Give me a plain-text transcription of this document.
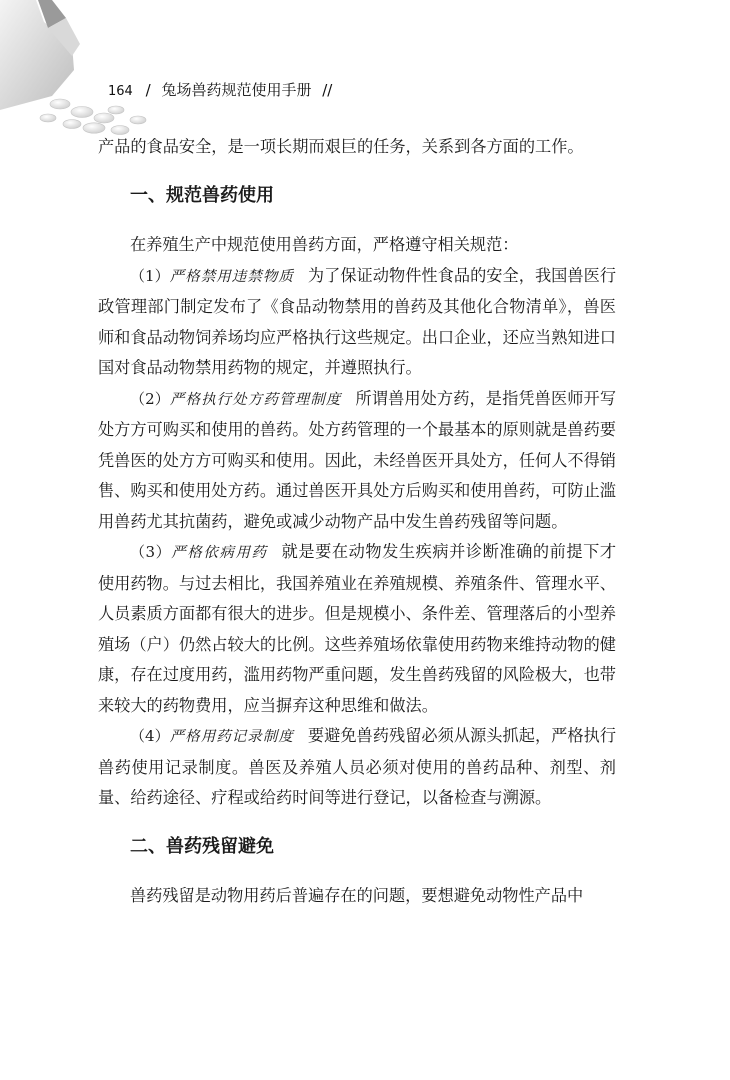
164 / 兔场兽药规范使用手册 //

产品的食品安全，是一项长期而艰巨的任务，关系到各方面的工作。

一、规范兽药使用

在养殖生产中规范使用兽药方面，严格遵守相关规范：

（1）严格禁用违禁物质 为了保证动物件性食品的安全，我国兽医行政管理部门制定发布了《食品动物禁用的兽药及其他化合物清单》，兽医师和食品动物饲养场均应严格执行这些规定。出口企业，还应当熟知进口国对食品动物禁用药物的规定，并遵照执行。

（2）严格执行处方药管理制度 所谓兽用处方药，是指凭兽医师开写处方方可购买和使用的兽药。处方药管理的一个最基本的原则就是兽药要凭兽医的处方方可购买和使用。因此，未经兽医开具处方，任何人不得销售、购买和使用处方药。通过兽医开具处方后购买和使用兽药，可防止滥用兽药尤其抗菌药，避免或减少动物产品中发生兽药残留等问题。

（3）严格依病用药 就是要在动物发生疾病并诊断准确的前提下才使用药物。与过去相比，我国养殖业在养殖规模、养殖条件、管理水平、人员素质方面都有很大的进步。但是规模小、条件差、管理落后的小型养殖场（户）仍然占较大的比例。这些养殖场依靠使用药物来维持动物的健康，存在过度用药，滥用药物严重问题，发生兽药残留的风险极大，也带来较大的药物费用，应当摒弃这种思维和做法。

（4）严格用药记录制度 要避免兽药残留必须从源头抓起，严格执行兽药使用记录制度。兽医及养殖人员必须对使用的兽药品种、剂型、剂量、给药途径、疗程或给药时间等进行登记，以备检查与溯源。

二、兽药残留避免

兽药残留是动物用药后普遍存在的问题，要想避免动物性产品中
